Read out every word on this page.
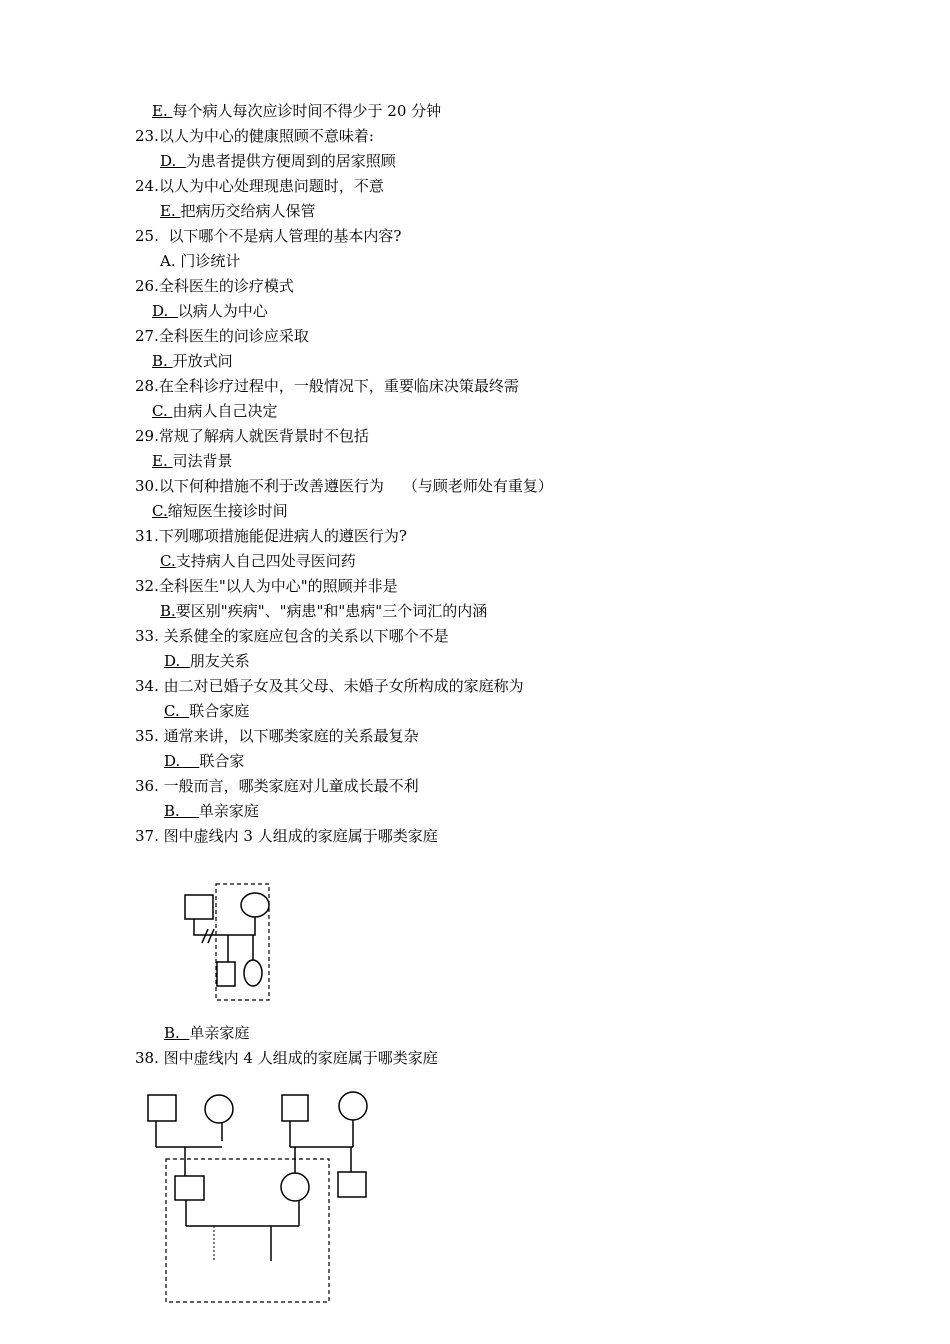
E. 每个病人每次应诊时间不得少于 20 分钟
23.以人为中心的健康照顾不意味着:
D.  为患者提供方便周到的居家照顾
24.以人为中心处理现患问题时，不意
E. 把病历交给病人保管
25.  以下哪个不是病人管理的基本内容?
A. 门诊统计
26.全科医生的诊疗模式
D.  以病人为中心
27.全科医生的问诊应采取
B. 开放式问
28.在全科诊疗过程中，一般情况下，重要临床决策最终需
C. 由病人自己决定
29.常规了解病人就医背景时不包括
E. 司法背景
30.以下何种措施不利于改善遵医行为    （与顾老师处有重复）
C.缩短医生接诊时间
31.下列哪项措施能促进病人的遵医行为?
C.支持病人自己四处寻医问药
32.全科医生"以人为中心"的照顾并非是
B.要区别"疾病"、"病患"和"患病"三个词汇的内涵
33. 关系健全的家庭应包含的关系以下哪个不是
D.  朋友关系
34. 由二对已婚子女及其父母、未婚子女所构成的家庭称为
C.  联合家庭
35. 通常来讲，以下哪类家庭的关系最复杂
D.    联合家
36. 一般而言，哪类家庭对儿童成长最不利
B.    单亲家庭
37. 图中虚线内 3 人组成的家庭属于哪类家庭
B.  单亲家庭
38. 图中虚线内 4 人组成的家庭属于哪类家庭
